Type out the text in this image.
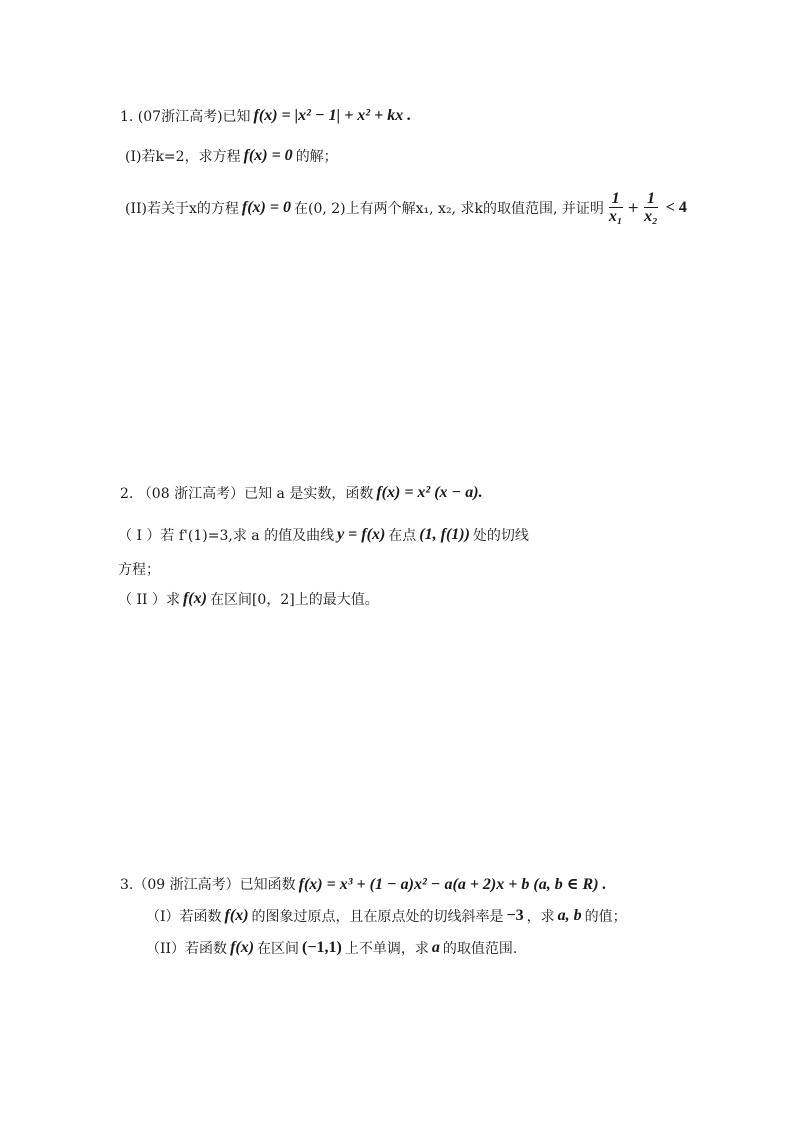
1. (07浙江高考)已知 f(x) = |x² − 1| + x² + kx .
(I)若k=2，求方程 f(x) = 0 的解；
(II)若关于x的方程 f(x) = 0 在(0, 2)上有两个解x₁, x₂, 求k的取值范围, 并证明 $\frac{1}{\text{x₁}} + \frac{1}{\text{x₂}} < 4$
2. （08 浙江高考）已知 a 是实数，函数 f(x) = x² (x − a).
（ I ）若 f'(1)=3,求 a 的值及曲线 y = f(x) 在点 (1, f(1)) 处的切线
方程；
（ II ）求 f(x) 在区间[0，2]上的最大值。
3.（09 浙江高考）已知函数 f(x) = x³ + (1 − a)x² − a(a + 2)x + b (a, b ∈ R) .
（I）若函数 f(x) 的图象过原点，且在原点处的切线斜率是 −3 ，求 a, b 的值；
（II）若函数 f(x) 在区间 (−1,1) 上不单调，求 a 的取值范围.
